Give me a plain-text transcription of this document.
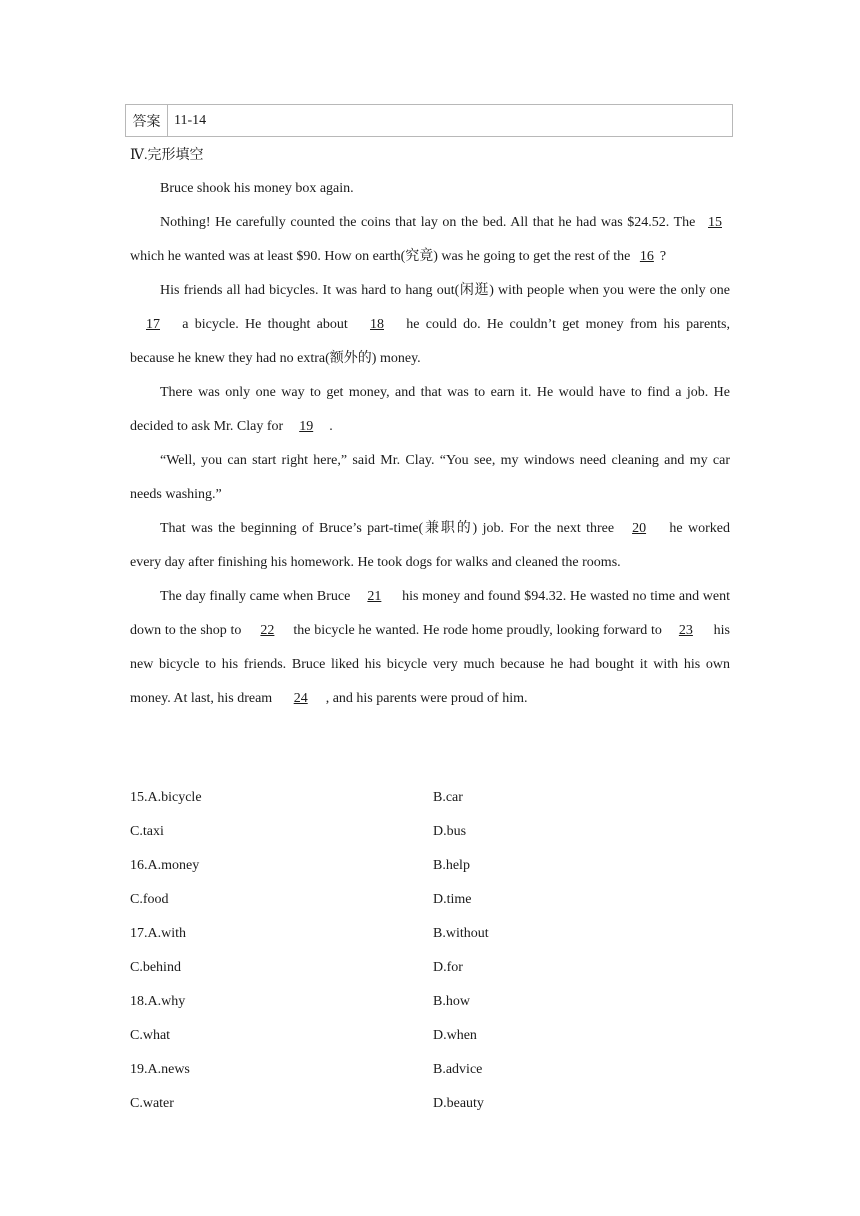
答案 11-14
Ⅳ.完形填空

Bruce shook his money box again.

Nothing! He carefully counted the coins that lay on the bed. All that he had was $24.52. The 15 which he wanted was at least $90. How on earth(究竟) was he going to get the rest of the 16 ?

His friends all had bicycles. It was hard to hang out(闲逛) with people when you were the only one17 a bicycle. He thought about 18 he could do. He couldn’t get money from his parents, because he knew they had no extra(额外的) money.

There was only one way to get money, and that was to earn it. He would have to find a job. He decided to ask Mr. Clay for 19 .

“Well, you can start right here,” said Mr. Clay. “You see, my windows need cleaning and my car needs washing.”

That was the beginning of Bruce’s part-time(兼职的) job. For the next three 20 he worked every day after finishing his homework. He took dogs for walks and cleaned the rooms.

The day finally came when Bruce 21 his money and found $94.32. He wasted no time and went down to the shop to 22 the bicycle he wanted. He rode home proudly, looking forward to 23 his new bicycle to his friends. Bruce liked his bicycle very much because he had bought it with his own money. At last, his dream 24 , and his parents were proud of him.

15.A.bicycle	B.car
C.taxi	D.bus
16.A.money	B.help
C.food	D.time
17.A.with	B.without
C.behind	D.for
18.A.why	B.how
C.what	D.when
19.A.news	B.advice
C.water	D.beauty
